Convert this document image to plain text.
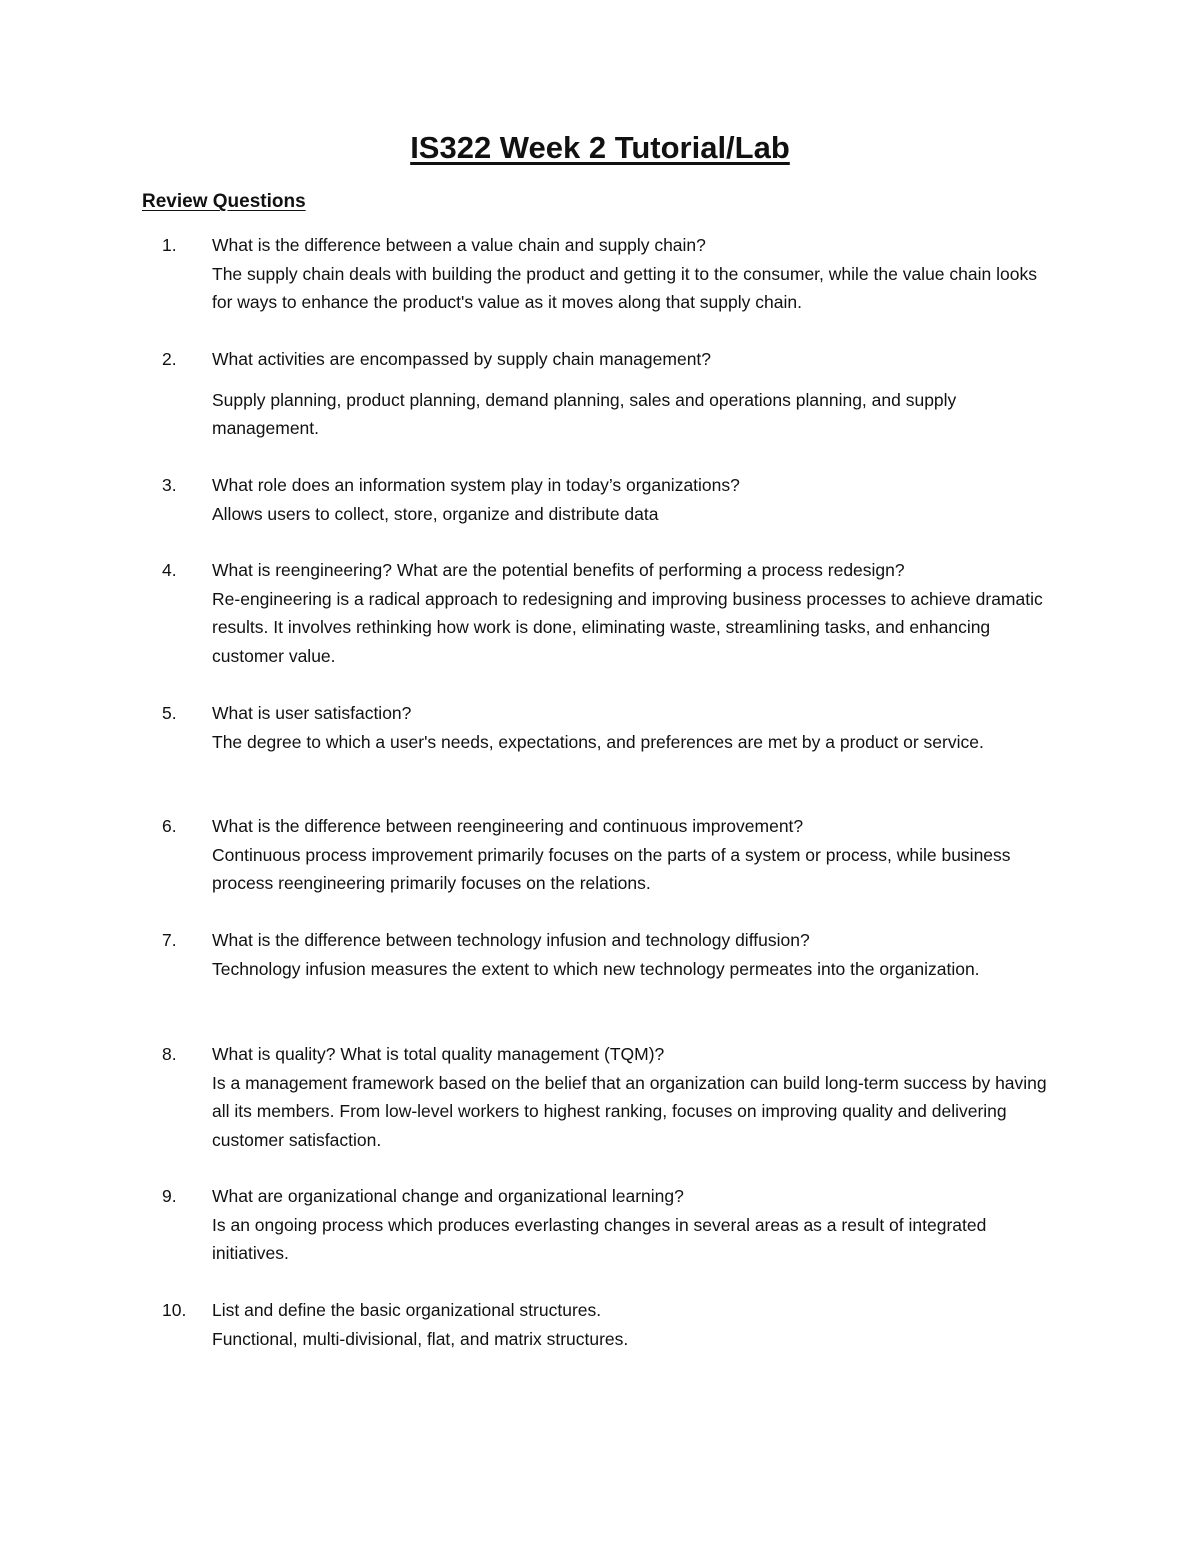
IS322 Week 2 Tutorial/Lab
Review Questions
1.	What is the difference between a value chain and supply chain?
The supply chain deals with building the product and getting it to the consumer, while the value chain looks for ways to enhance the product's value as it moves along that supply chain.
2.	What activities are encompassed by supply chain management?
Supply planning, product planning, demand planning, sales and operations planning, and supply management.
3.	What role does an information system play in today’s organizations?
Allows users to collect, store, organize and distribute data
4.	What is reengineering? What are the potential benefits of performing a process redesign?
Re-engineering is a radical approach to redesigning and improving business processes to achieve dramatic results. It involves rethinking how work is done, eliminating waste, streamlining tasks, and enhancing customer value.
5.	What is user satisfaction?
The degree to which a user's needs, expectations, and preferences are met by a product or service.
6.	What is the difference between reengineering and continuous improvement?
Continuous process improvement primarily focuses on the parts of a system or process, while business process reengineering primarily focuses on the relations.
7.	What is the difference between technology infusion and technology diffusion?
Technology infusion measures the extent to which new technology permeates into the organization.
8.	What is quality? What is total quality management (TQM)?
Is a management framework based on the belief that an organization can build long-term success by having all its members. From low-level workers to highest ranking, focuses on improving quality and delivering customer satisfaction.
9.	What are organizational change and organizational learning?
Is an ongoing process which produces everlasting changes in several areas as a result of integrated initiatives.
10.	List and define the basic organizational structures.
Functional, multi-divisional, flat, and matrix structures.
